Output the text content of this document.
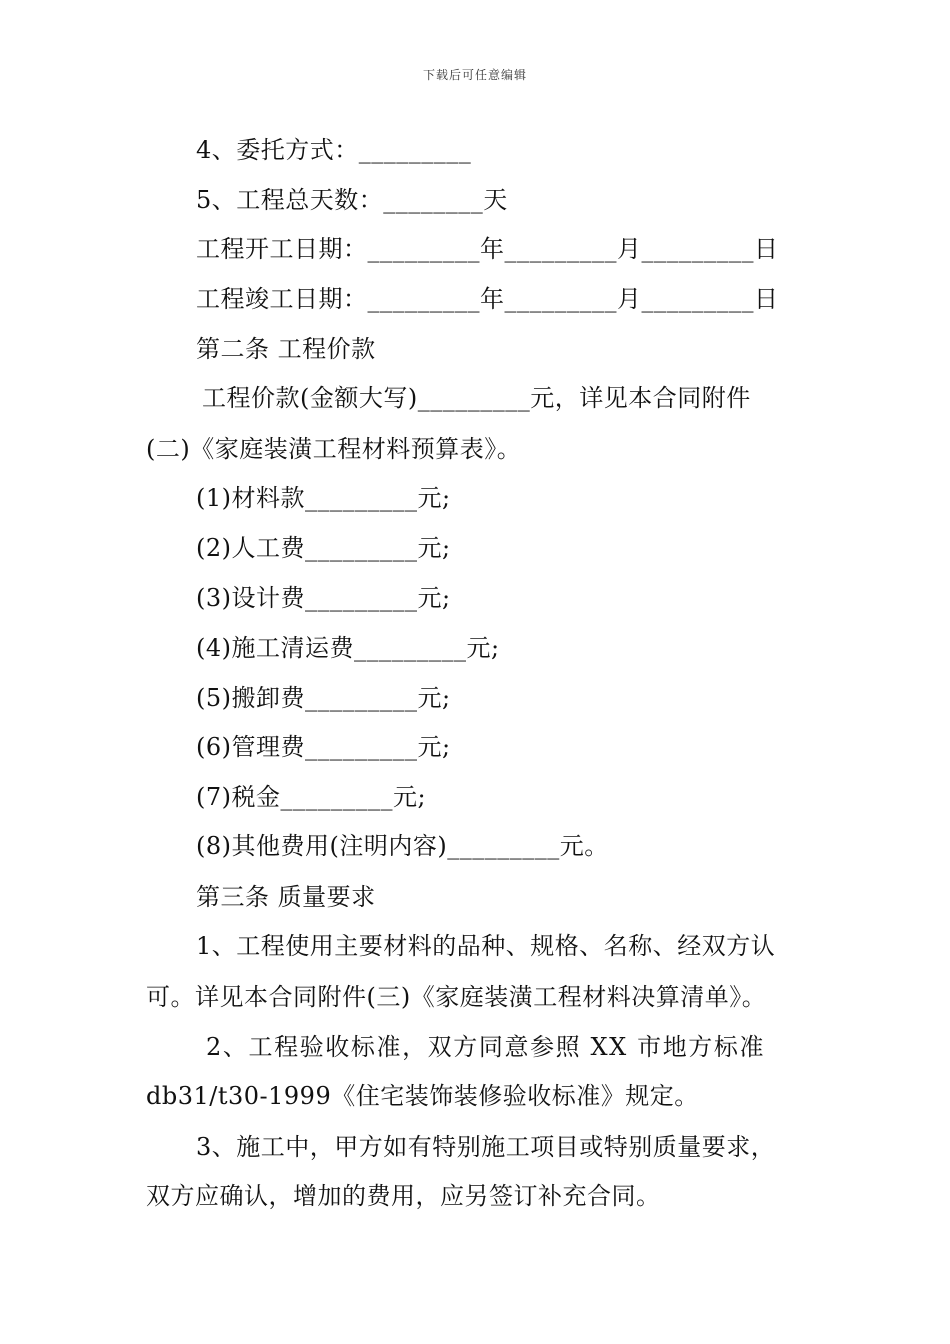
下载后可任意编辑
4、委托方式：_________
5、工程总天数：________天
工程开工日期：_________年_________月_________日
工程竣工日期：_________年_________月_________日
第二条 工程价款
工程价款(金额大写)_________元，详见本合同附件
(二)《家庭装潢工程材料预算表》。
(1)材料款_________元;
(2)人工费_________元;
(3)设计费_________元;
(4)施工清运费_________元;
(5)搬卸费_________元;
(6)管理费_________元;
(7)税金_________元;
(8)其他费用(注明内容)_________元。
第三条 质量要求
1、工程使用主要材料的品种、规格、名称、经双方认
可。详见本合同附件(三)《家庭装潢工程材料决算清单》。
2、工程验收标准，双方同意参照 XX 市地方标准
db31/t30-1999《住宅装饰装修验收标准》规定。
3、施工中，甲方如有特别施工项目或特别质量要求，
双方应确认，增加的费用，应另签订补充合同。
